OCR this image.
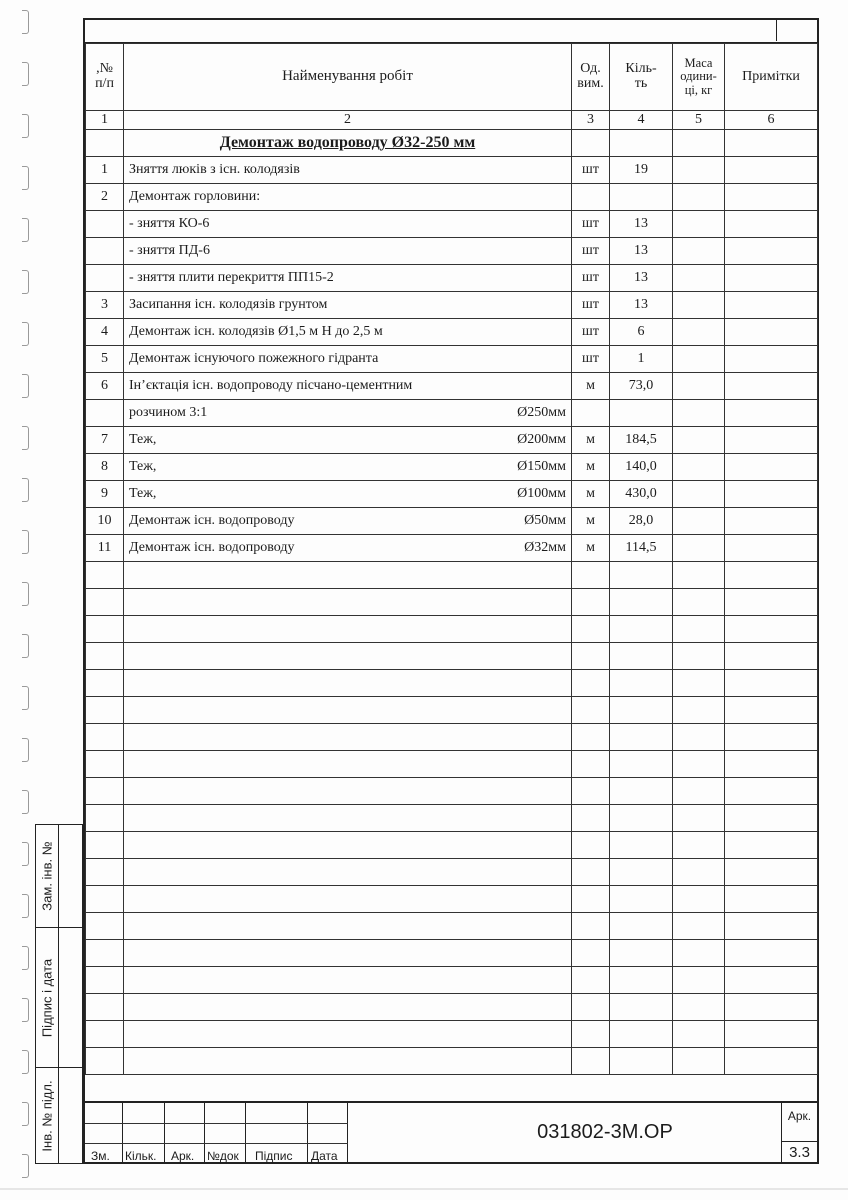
,№ п/п	Найменування робіт	Од. вим.	Кіль- ть	Маса одини- ці, кг	Примітки
1	2	3	4	5	6
	Демонтаж водопроводу Ø32-250 мм				
1	Зняття люків з існ. колодязів	шт	19		
2	Демонтаж горловини:				
	- зняття КО-6	шт	13		
	- зняття ПД-6	шт	13		
	- зняття плити перекриття ПП15-2	шт	13		
3	Засипання існ. колодязів грунтом	шт	13		
4	Демонтаж існ. колодязів Ø1,5 м H до 2,5 м	шт	6		
5	Демонтаж існуючого пожежного гідранта	шт	1		
6	Ін’єктація існ. водопроводу пісчано-цементним	м	73,0		
	розчином 3:1 Ø250мм				

7	Теж, Ø200мм	м	184,5		
8	Теж, Ø150мм	м	140,0		
9	Теж, Ø100мм	м	430,0		
10	Демонтаж існ. водопроводу Ø50мм	м	28,0		
11	Демонтаж існ. водопроводу Ø32мм	м	114,5		

Зам. інв. №
Підпис і дата
Інв. № підл.
Зм. Кільк. Арк. №док Підпис Дата
031802-3М.ОР
Арк.
3.3
